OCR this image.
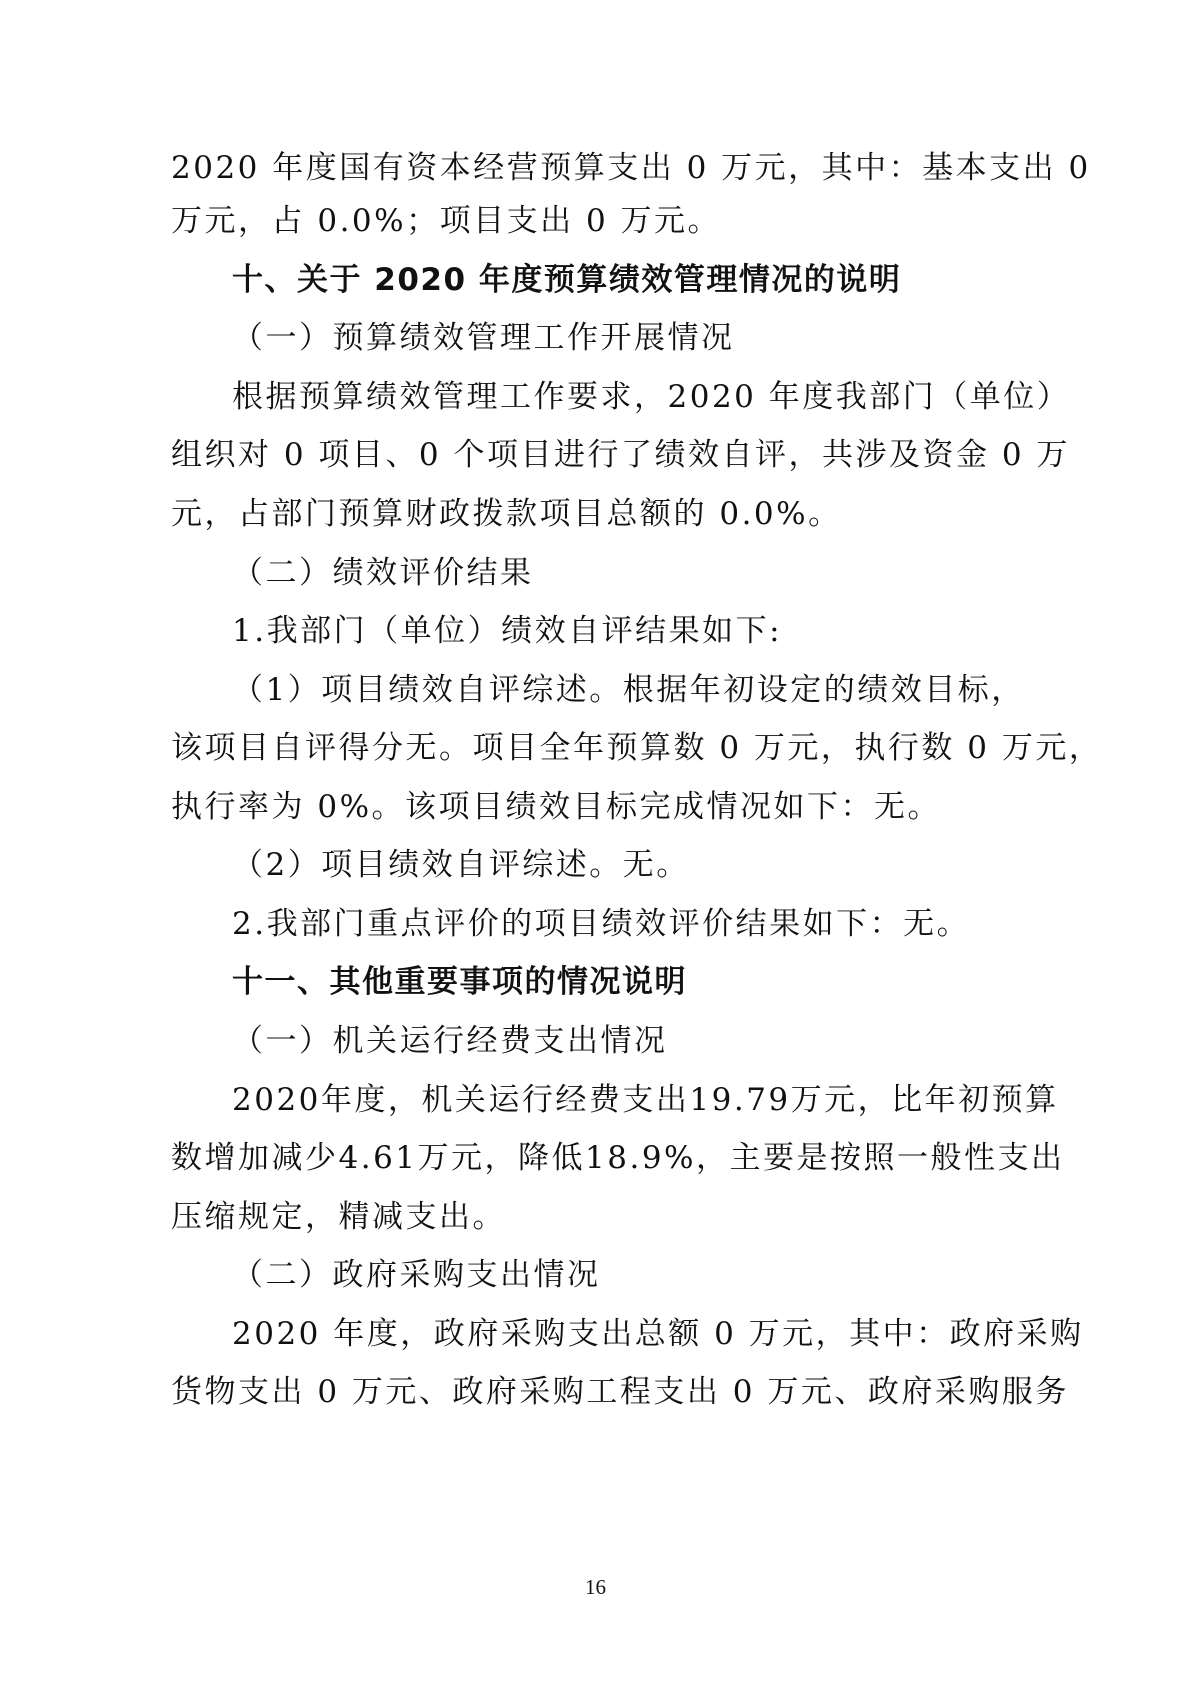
2020 年度国有资本经营预算支出 0 万元，其中：基本支出 0
万元，占 0.0%；项目支出 0 万元。
十、关于 2020 年度预算绩效管理情况的说明
（一）预算绩效管理工作开展情况
根据预算绩效管理工作要求，2020 年度我部门（单位）
组织对 0 项目、0 个项目进行了绩效自评，共涉及资金 0 万
元，占部门预算财政拨款项目总额的 0.0%。
（二）绩效评价结果
1.我部门（单位）绩效自评结果如下:
（1）项目绩效自评综述。根据年初设定的绩效目标，
该项目自评得分无。项目全年预算数 0 万元，执行数 0 万元，
执行率为 0%。该项目绩效目标完成情况如下：无。
（2）项目绩效自评综述。无。
2.我部门重点评价的项目绩效评价结果如下：无。
十一、其他重要事项的情况说明
（一）机关运行经费支出情况
2020年度，机关运行经费支出19.79万元，比年初预算
数增加减少4.61万元，降低18.9%，主要是按照一般性支出
压缩规定，精减支出。
（二）政府采购支出情况
2020 年度，政府采购支出总额 0 万元，其中：政府采购
货物支出 0 万元、政府采购工程支出 0 万元、政府采购服务
16
